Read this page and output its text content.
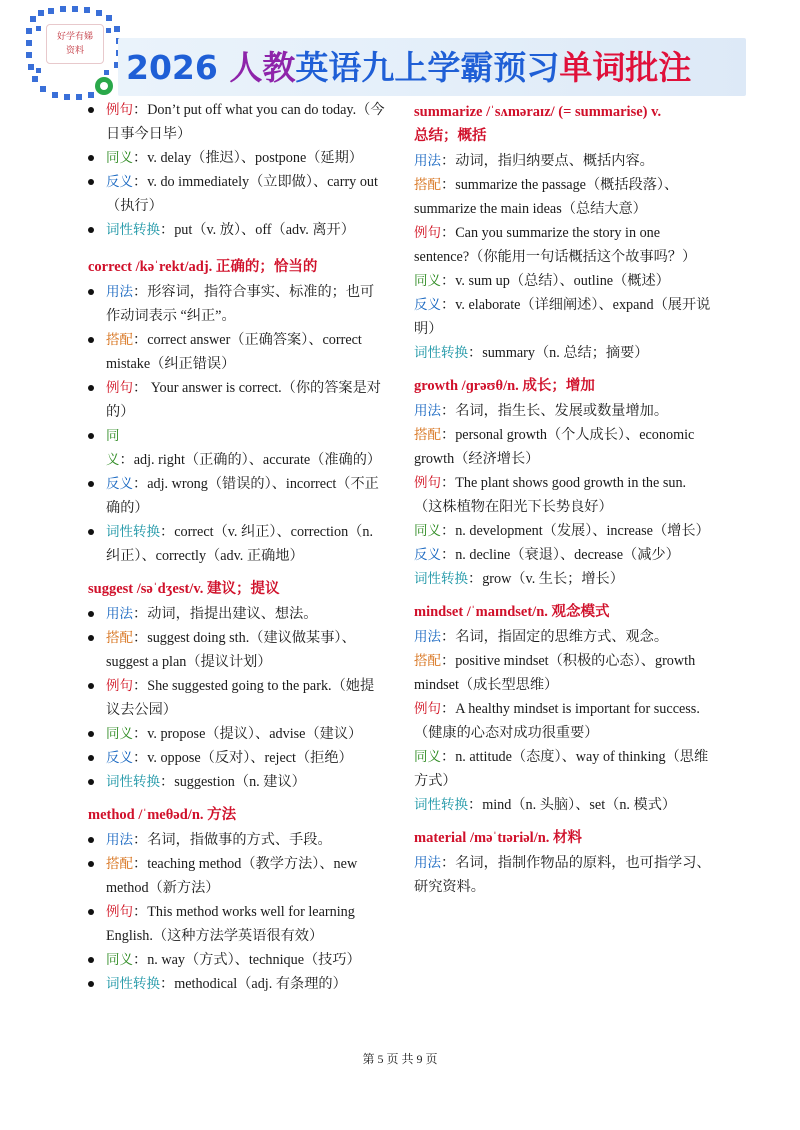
好学有娣
资料	2026 人教英语九上学霸预习单词批注
例句：Don’t put off what you can do today.（今日事今日毕）
同义：v. delay（推迟）、postpone（延期）
反义：v. do immediately（立即做）、carry out（执行）
词性转换：put（v. 放）、off（adv. 离开）
correct /kəˈrekt/adj. 正确的；恰当的
用法：形容词，指符合事实、标准的；也可作动词表示 “纠正”。
搭配：correct answer（正确答案）、correct mistake（纠正错误）
例句： Your answer is correct.（你的答案是对的）
同义：adj. right（正确的）、accurate（准确的）
反义：adj. wrong（错误的）、incorrect（不正确的）
词性转换：correct（v. 纠正）、correction（n. 纠正）、correctly（adv. 正确地）
suggest /səˈdʒest/v. 建议；提议
用法：动词，指提出建议、想法。
搭配：suggest doing sth.（建议做某事）、suggest a plan（提议计划）
例句：She suggested going to the park.（她提议去公园）
同义：v. propose（提议）、advise（建议）
反义：v. oppose（反对）、reject（拒绝）
词性转换：suggestion（n. 建议）
method /ˈmeθəd/n. 方法
用法：名词，指做事的方式、手段。
搭配：teaching method（教学方法）、new method（新方法）
例句：This method works well for learning English.（这种方法学英语很有效）
同义：n. way（方式）、technique（技巧）
词性转换：methodical（adj. 有条理的）
summarize /ˈsʌməraɪz/ (= summarise) v.
总结；概括
用法：动词，指归纳要点、概括内容。
搭配：summarize the passage（概括段落）、summarize the main ideas（总结大意）
例句：Can you summarize the story in one sentence?（你能用一句话概括这个故事吗？）
同义：v. sum up（总结）、outline（概述）
反义：v. elaborate（详细阐述）、expand（展开说明）
词性转换：summary（n. 总结；摘要）
growth /ɡrəʊθ/n. 成长；增加
用法：名词，指生长、发展或数量增加。
搭配：personal growth（个人成长）、economic growth（经济增长）
例句：The plant shows good growth in the sun.（这株植物在阳光下长势良好）
同义：n. development（发展）、increase（增长）
反义：n. decline（衰退）、decrease（减少）
词性转换：grow（v. 生长；增长）
mindset /ˈmaɪndset/n. 观念模式
用法：名词，指固定的思维方式、观念。
搭配：positive mindset（积极的心态）、growth mindset（成长型思维）
例句：A healthy mindset is important for success.（健康的心态对成功很重要）
同义：n. attitude（态度）、way of thinking（思维方式）
词性转换：mind（n. 头脑）、set（n. 模式）
material /məˈtɪəriəl/n. 材料
用法：名词，指制作物品的原料，也可指学习、研究资料。
第 5 页 共 9 页
